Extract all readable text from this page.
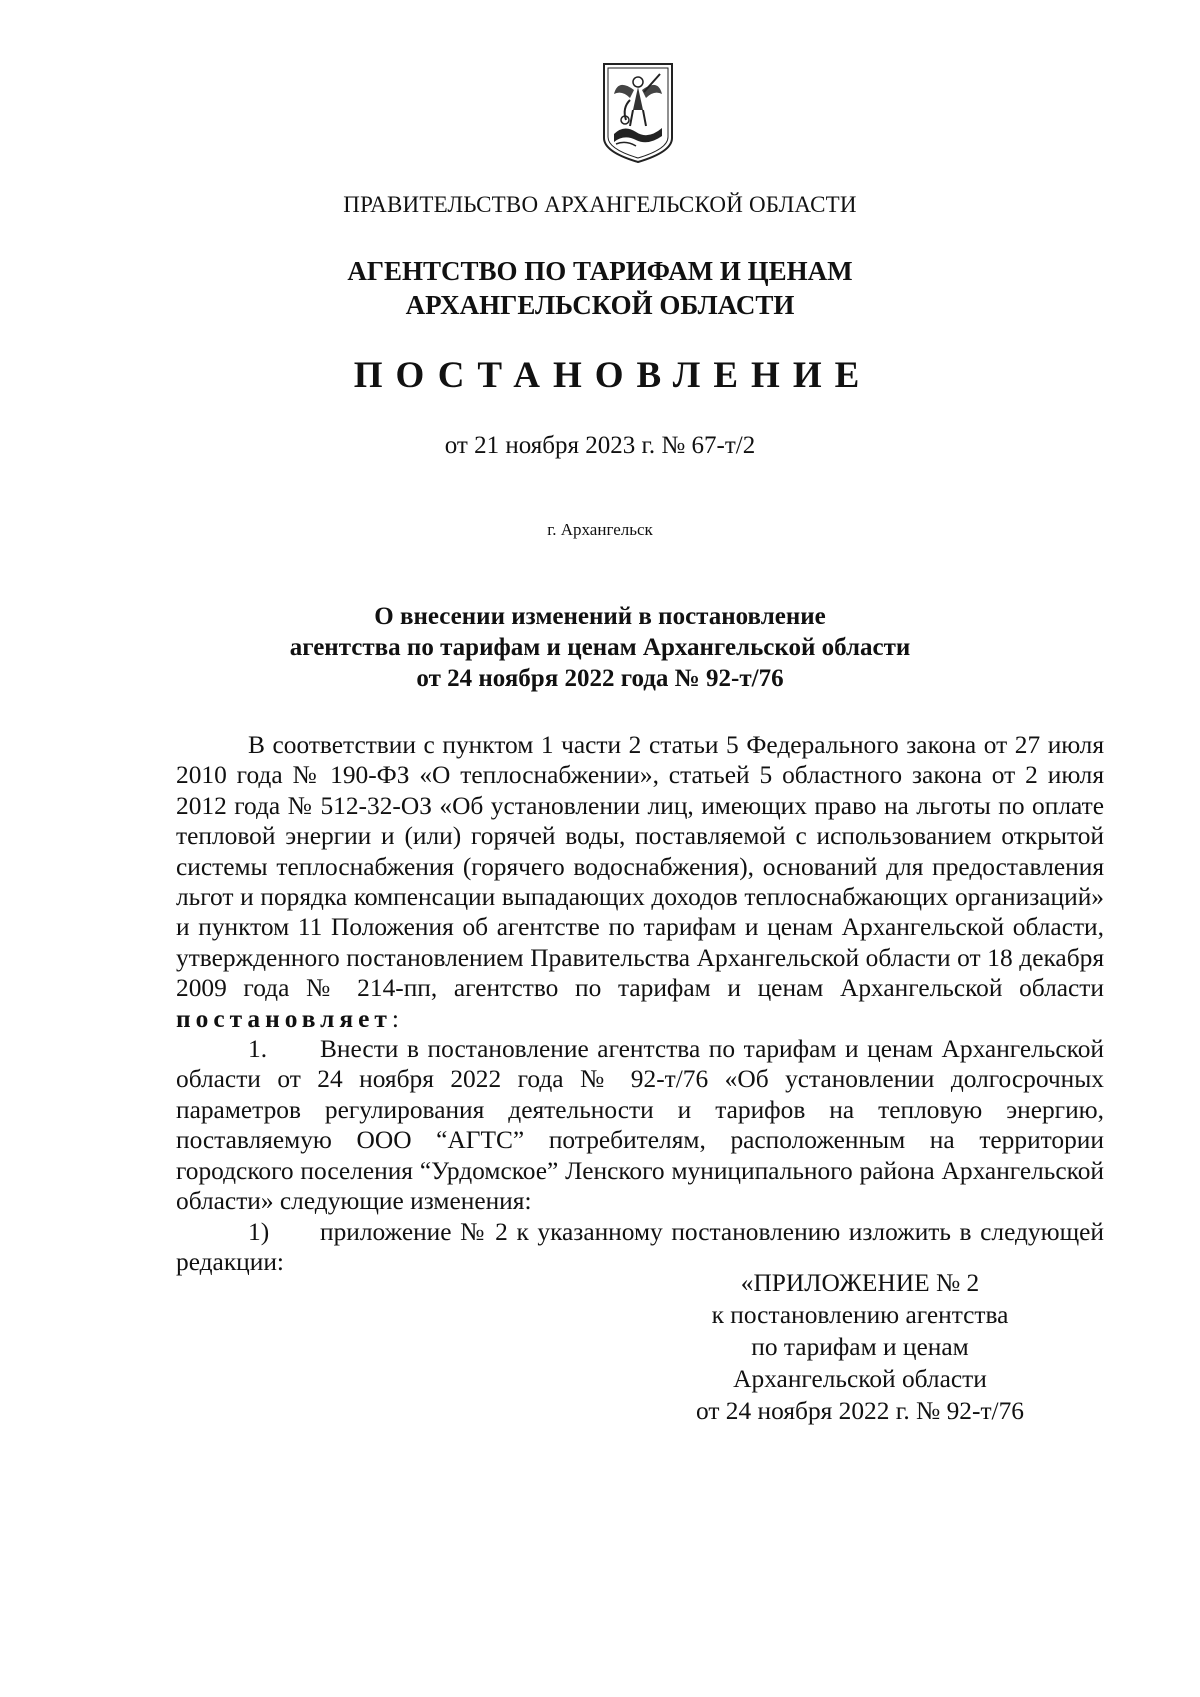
ПРАВИТЕЛЬСТВО АРХАНГЕЛЬСКОЙ ОБЛАСТИ

АГЕНТСТВО ПО ТАРИФАМ И ЦЕНАМ
АРХАНГЕЛЬСКОЙ ОБЛАСТИ

ПОСТАНОВЛЕНИЕ

от 21 ноября 2023 г. № 67-т/2

г. Архангельск

О внесении изменений в постановление
агентства по тарифам и ценам Архангельской области
от 24 ноября 2022 года № 92-т/76

В соответствии с пунктом 1 части 2 статьи 5 Федерального закона от 27 июля 2010 года № 190-ФЗ «О теплоснабжении», статьей 5 областного закона от 2 июля 2012 года № 512-32-ОЗ «Об установлении лиц, имеющих право на льготы по оплате тепловой энергии и (или) горячей воды, поставляемой с использованием открытой системы теплоснабжения (горячего водоснабжения), оснований для предоставления льгот и порядка компенсации выпадающих доходов теплоснабжающих организаций» и пунктом 11 Положения об агентстве по тарифам и ценам Архангельской области, утвержденного постановлением Правительства Архангельской области от 18 декабря 2009 года № 214-пп, агентство по тарифам и ценам Архангельской области постановляет:

1. Внести в постановление агентства по тарифам и ценам Архангельской области от 24 ноября 2022 года № 92-т/76 «Об установлении долгосрочных параметров регулирования деятельности и тарифов на тепловую энергию, поставляемую ООО “АГТС” потребителям, расположенным на территории городского поселения “Урдомское” Ленского муниципального района Архангельской области» следующие изменения:

1) приложение № 2 к указанному постановлению изложить в следующей редакции:

«ПРИЛОЖЕНИЕ № 2
к постановлению агентства
по тарифам и ценам
Архангельской области
от 24 ноября 2022 г. № 92-т/76
